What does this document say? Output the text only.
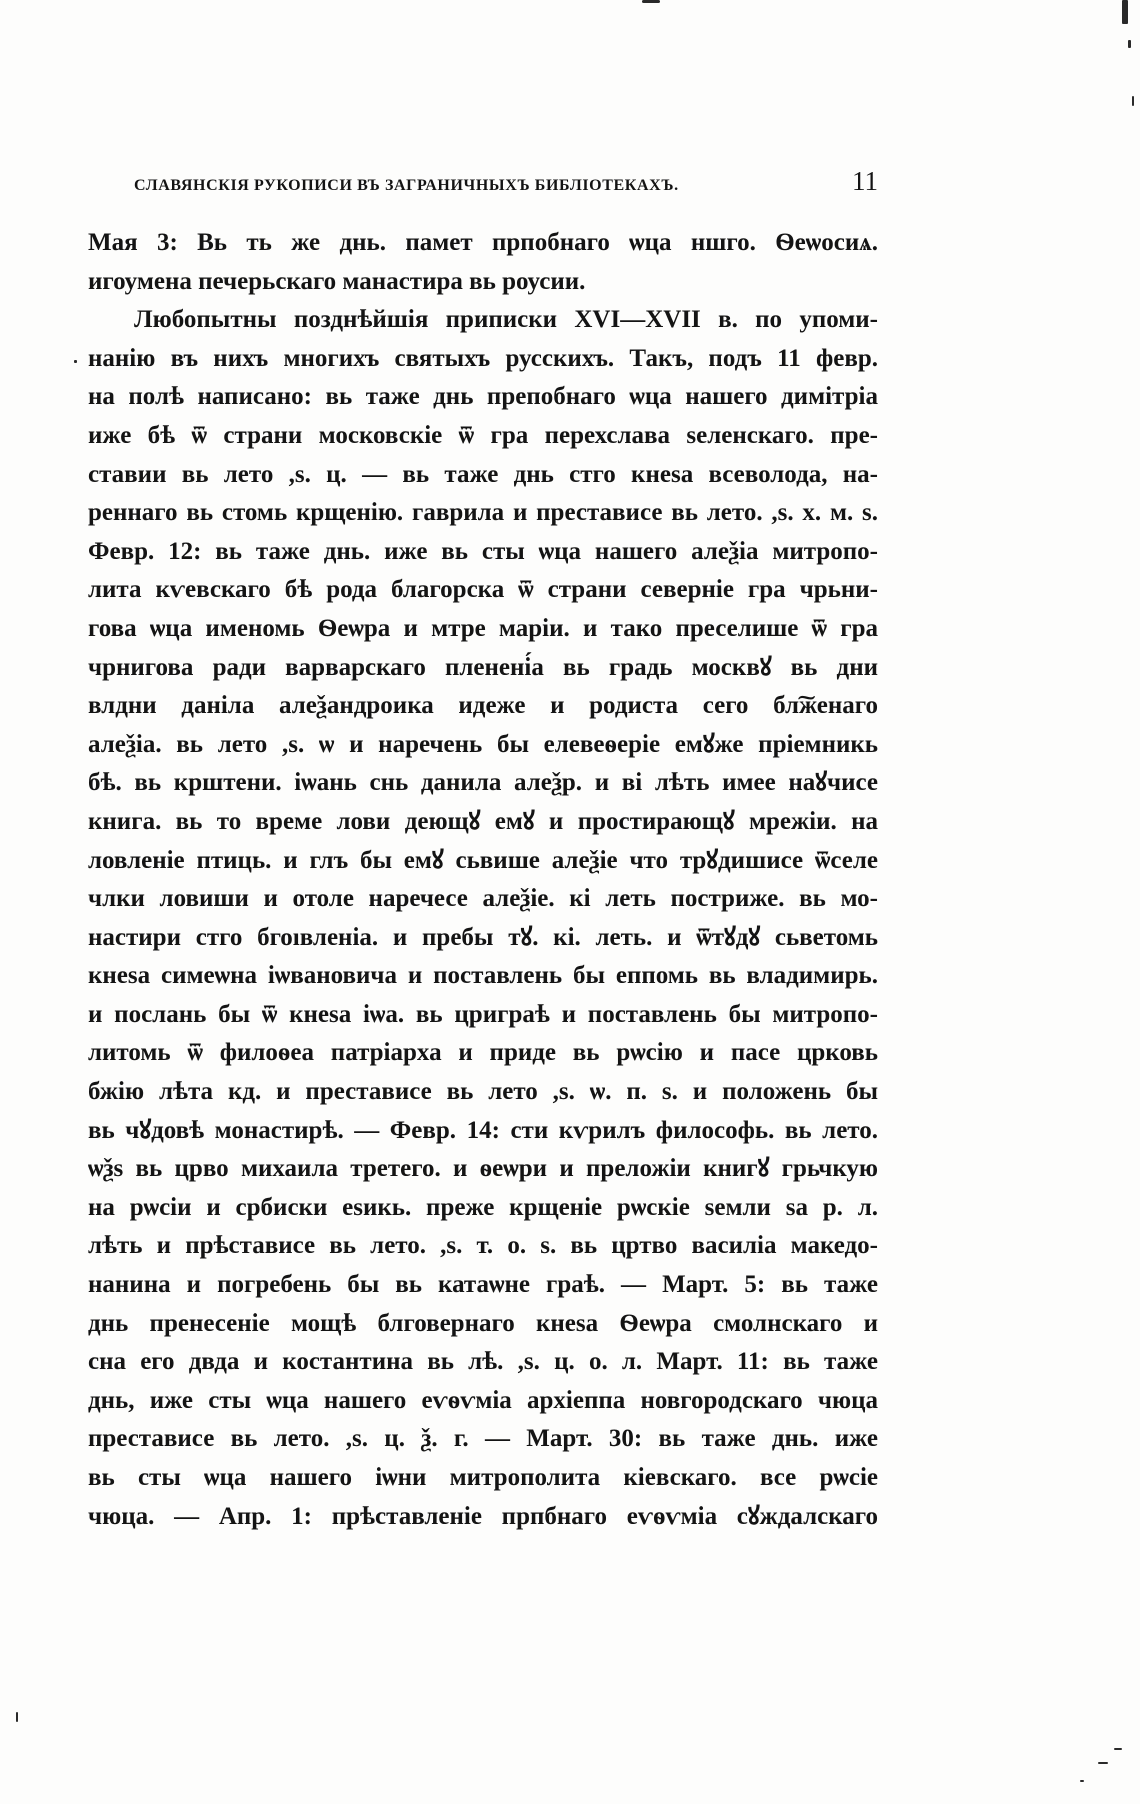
СЛАВЯНСКІЯ РУКОПИСИ ВЪ ЗАГРАНИЧНЫХЪ БИБЛІОТЕКАХЪ.	11
Мая 3: Вь ть же днь. памет прпобнаго ѡца ншго. Ѳеѡосиѧ.
игоумена печерьскаго манастира вь роусии.
Любопытны позднѣйшія приписки XVI—XVII в. по упоми-
нанію въ нихъ многихъ святыхъ русскихъ. Такъ, подъ 11 февр.
на полѣ написано: вь таже днь препобнаго ѡца нашего димітріа
иже бѣ ѿ страни московскіе ѿ гра перехслава ѕеленскаго. пре-
ставии вь лето ,ѕ. ц. — вь таже днь стго кнеѕа всеволода, на-
реннаго вь стомь крщенію. гаврила и престависе вь лето. ,ѕ. х. м. ѕ.
Февр. 12: вь таже днь. иже вь сты ѡца нашего алеѯіа митропо-
лита кѵевскаго бѣ рода благорска ѿ страни северніе гра чрьни-
гова ѡца именомь Ѳеѡра и мтре маріи. и тако преселише ѿ гра
чрнигова ради варварскаго пленені́а вь градь москвꙋ вь дни
влдни даніла алеѯандроика идеже и родиста сего бл͠женаго
алеѯіа. вь лето ,ѕ. ѡ и наречень бы елевеѳеріе емꙋже пріемникь
бѣ. вь крштени. іѡань снь данила алеѯр. и ві лѣть имее наꙋчисе
книга. вь то време лови деющꙋ емꙋ и простирающꙋ мрежіи. на
ловленіе птиць. и глъ бы емꙋ сьвише алеѯіе что трꙋдишисе ѿселе
члки ловиши и отоле наречесе алеѯіе. кі леть постриже. вь мо-
настири стго бгоıвленіа. и пребы тꙋ. кі. леть. и ѿтꙋдꙋ сьветомь
кнеѕа симеѡна іѡвановича и поставлень бы еппомь вь владимирь.
и послань бы ѿ кнеѕа іѡа. вь цриграѣ и поставлень бы митропо-
литомь ѿ филоѳеа патріарха и приде вь рѡсію и пасе црковь
бжію лѣта кд. и престависе вь лето ,ѕ. ѡ. п. ѕ. и положень бы
вь чꙋдовѣ монастирѣ. — Февр. 14: сти кѵрилъ философь. вь лето.
ѡѯѕ вь црво михаила третего. и ѳеѡри и преложіи книгꙋ грьчкую
на рѡсіи и србиски еѕикь. преже крщеніе рѡскіе ѕемли ѕа р. л.
лѣть и прѣстависе вь лето. ,ѕ. т. о. ѕ. вь цртво василіа македо-
нанина и погребень бы вь катаѡне граѣ. — Март. 5: вь таже
днь пренесеніе мощѣ блговернаго кнеѕа Ѳеѡра смолнскаго и
сна его двда и костантина вь лѣ. ,ѕ. ц. о. л. Март. 11: вь таже
днь, иже сты ѡца нашего еѵѳѵміа архіеппа новгородскаго чюца
престависе вь лето. ,ѕ. ц. ѯ. г. — Март. 30: вь таже днь. иже
вь сты ѡца нашего іѡни митрополита кіевскаго. все рѡсіе
чюца. — Апр. 1: прѣставленіе прпбнаго еѵѳѵміа сꙋждалскаго
